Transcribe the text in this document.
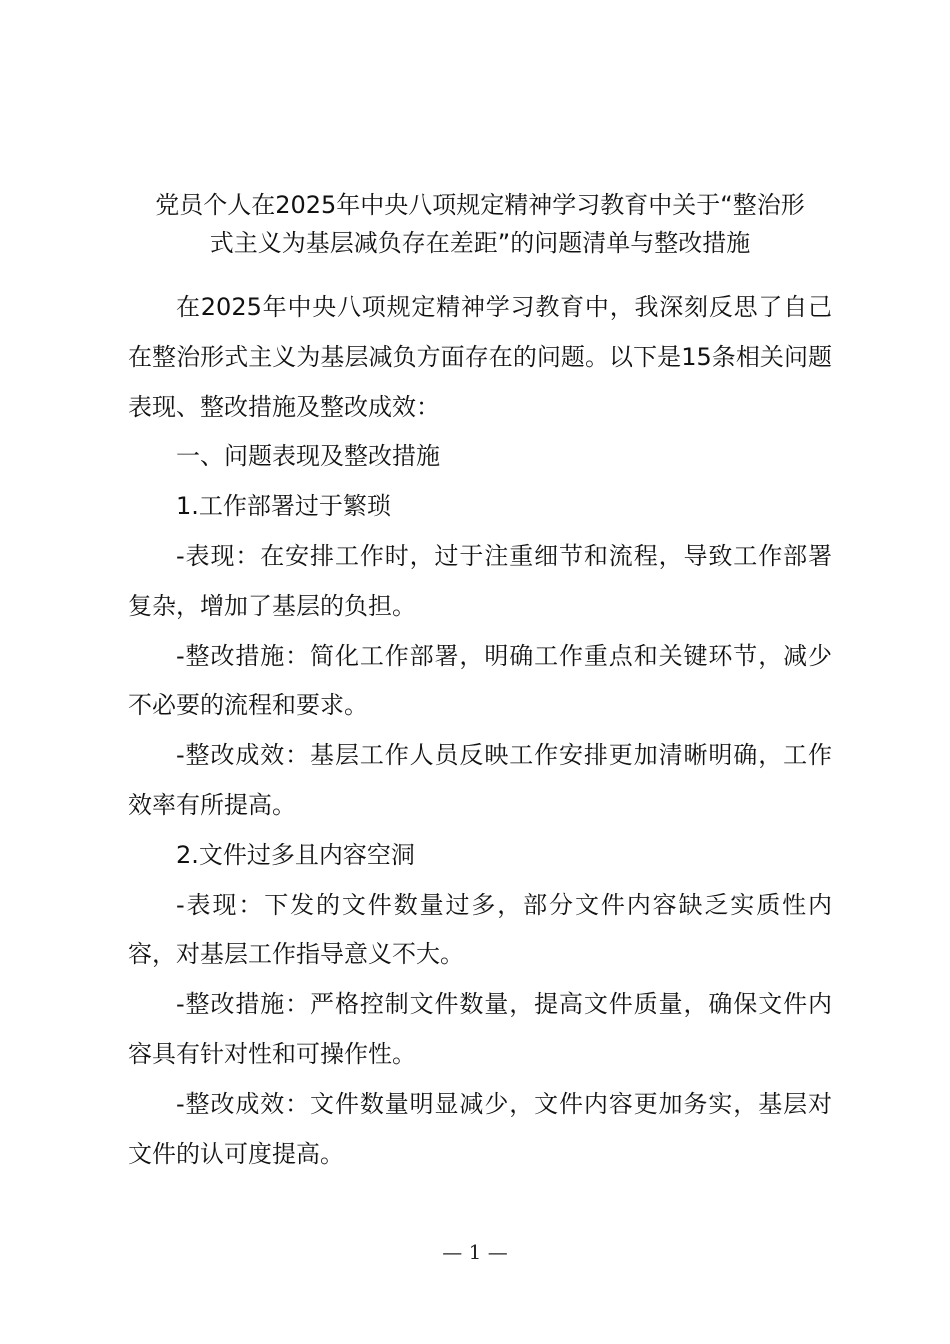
党员个人在2025年中央八项规定精神学习教育中关于“整治形
式主义为基层减负存在差距”的问题清单与整改措施

在2025年中央八项规定精神学习教育中，我深刻反思了自己在整治形式主义为基层减负方面存在的问题。以下是15条相关问题表现、整改措施及整改成效：

一、问题表现及整改措施

1.工作部署过于繁琐

-表现：在安排工作时，过于注重细节和流程，导致工作部署复杂，增加了基层的负担。

-整改措施：简化工作部署，明确工作重点和关键环节，减少不必要的流程和要求。

-整改成效：基层工作人员反映工作安排更加清晰明确，工作效率有所提高。

2.文件过多且内容空洞

-表现：下发的文件数量过多，部分文件内容缺乏实质性内容，对基层工作指导意义不大。

-整改措施：严格控制文件数量，提高文件质量，确保文件内容具有针对性和可操作性。

-整改成效：文件数量明显减少，文件内容更加务实，基层对文件的认可度提高。

— 1 —
